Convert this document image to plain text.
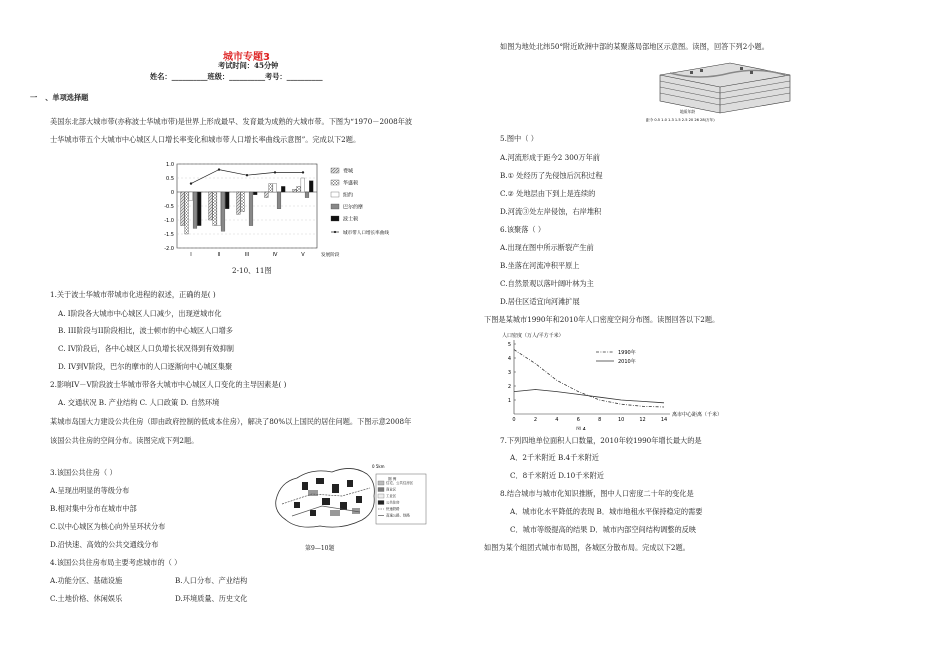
城市专题3
考试时间：45分钟
姓名：__________班级：__________考号：__________
一 、单项选择题
美国东北部大城市带(亦称波士华城市带)是世界上形成最早、发育最为成熟的大城市带。下图为“1970－2008年波
士华城市带五个大城市中心城区人口增长率变化和城市带人口增长率曲线示意图”。完成以下2题。
1.0
0.5
0
-0.5
-1.0
-1.5
-2.0
I	II	III	IV	V	发展阶段
费城
华盛顿
纽约
巴尔的摩
波士顿
城市带人口增长率曲线
2-10、11图
1.关于波士华城市带城市化进程的叙述，正确的是( )
A. I阶段各大城市中心城区人口减少，出现逆城市化
B. III阶段与II阶段相比，波士顿市的中心城区人口增多
C. IV阶段后，各中心城区人口负增长状况得到有效抑制
D. IV到V阶段，巴尔的摩市的人口逐渐向中心城区集聚
2.影响IV－V阶段波士华城市带各大城市中心城区人口变化的主导因素是( )
A. 交通状况 B. 产业结构 C. 人口政策 D. 自然环境
某城市岛国大力建设公共住房（即由政府控制的低成本住房），解决了80%以上国民的居住问题。下图示意2008年
该国公共住房的空间分布。读图完成下列2题。
3.该国公共住房（ ）
A.呈现出明显的等级分布
B.相对集中分布在城市中部
C.以中心城区为核心向外呈环状分布
D.沿快速、高效的公共交通线分布
4.该国公共住房布局主要考虑城市的（ ）
A.功能分区、基础设施	B.人口分布、产业结构
C.土地价格、休闲娱乐	D.环境质量、历史文化
0 5km
图 例
住宅、公共住房区
商业区
工业区
公共住房
快速铁路
高速公路、铁路
第9—10题
如图为地处北纬50°附近欧洲中部的某聚落局部地区示意图。读图，回答下列2小题。
地质年龄
距今 0.5 1.0 1.3 1.5 2.5 20 26 28(万年)
5.图中（ ）
A.河流形成于距今2 300万年前
B.① 处经历了先侵蚀后沉积过程
C.② 处地层由下到上是连续的
D.河流③处左岸侵蚀，右岸堆积
6.该聚落（ ）
A.出现在图中所示断裂产生前
B.坐落在河流冲积平原上
C.自然景观以落叶阔叶林为主
D.居住区适宜向河滩扩展
下图是某城市1990年和2010年人口密度空间分布图。读图回答以下2题。
人口密度（万人/平方千米）
1
2
3
4
5
0	2	4	6	8	10	12	14
1990年
2010年
离市中心距离（千米）
图 4
7.下列四地单位面积人口数量，2010年较1990年增长最大的是
A．2千米附近 B.4千米附近
C．8千米附近 D.10千米附近
8.结合城市与城市化知识推断，图中人口密度二十年的变化是
A．城市化水平降低的表现 B．城市地租水平保持稳定的需要
C．城市等级提高的结果 D．城市内部空间结构调整的反映
如图为某个组团式城市布局图，各城区分散布局。完成以下2题。
